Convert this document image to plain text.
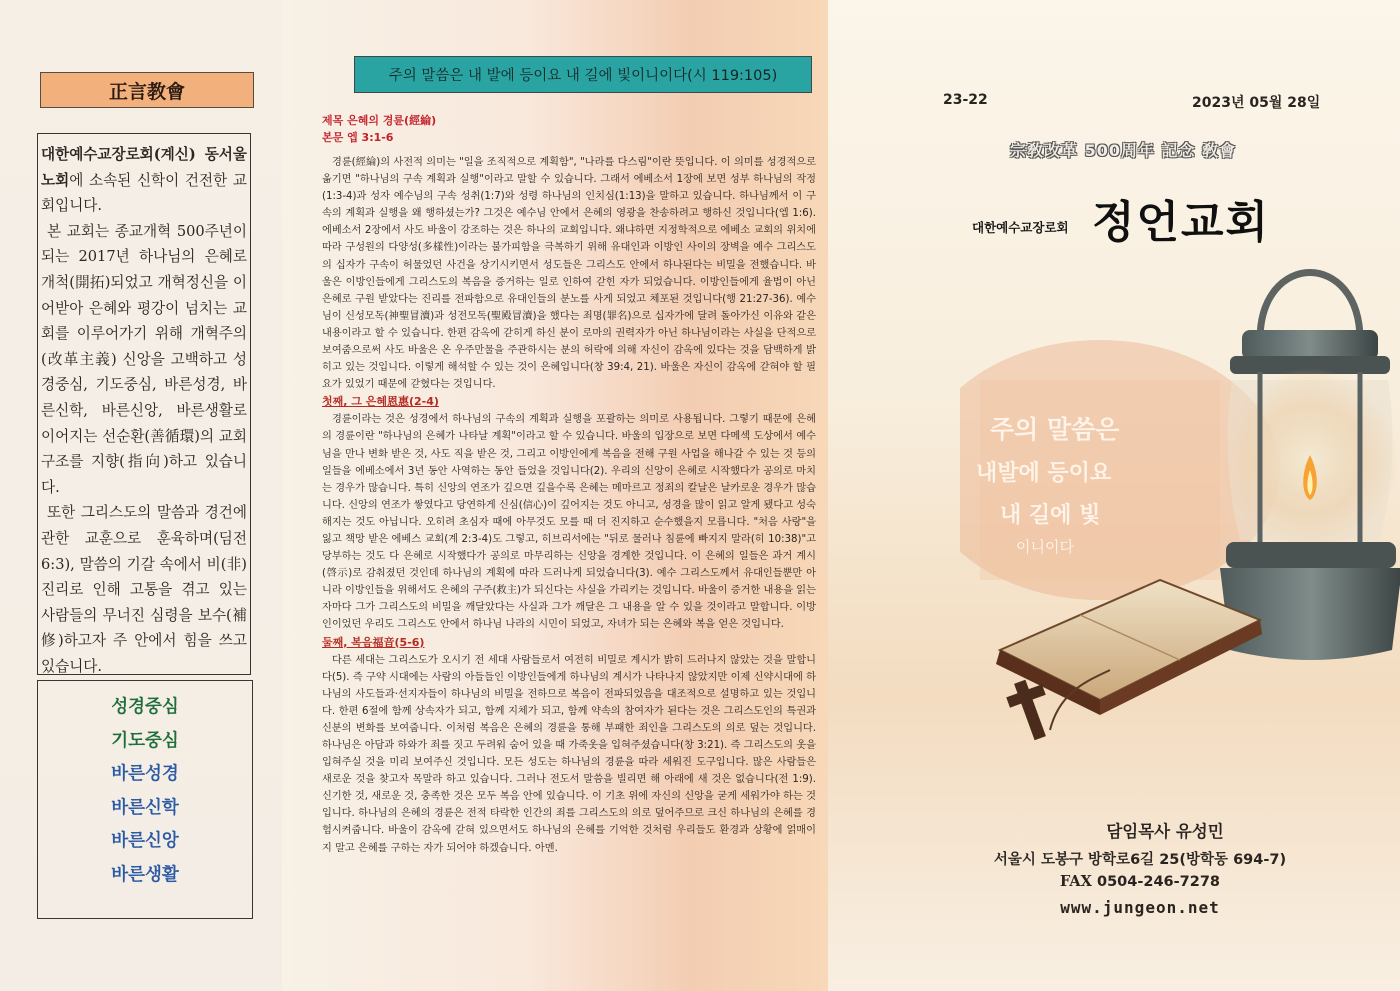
正言教會

대한예수교장로회(계신) 동서울 노회에 소속된 신학이 건전한 교회입니다.

본 교회는 종교개혁 500주년이 되는 2017년 하나님의 은혜로 개척(開拓)되었고 개혁정신을 이어받아 은혜와 평강이 넘치는 교회를 이루어가기 위해 개혁주의(改革主義) 신앙을 고백하고 성경중심, 기도중심, 바른성경, 바른신학, 바른신앙, 바른생활로 이어지는 선순환(善循環)의 교회 구조를 지향(指向)하고 있습니다.

또한 그리스도의 말씀과 경건에 관한 교훈으로 훈육하며(딤전 6:3), 말씀의 기갈 속에서 비(非) 진리로 인해 고통을 겪고 있는 사람들의 무너진 심령을 보수(補修)하고자 주 안에서 힘을 쓰고 있습니다.

성경중심
기도중심
바른성경
바른신학
바른신앙
바른생활
주의 말씀은 내 발에 등이요 내 길에 빛이니이다(시 119:105)

제목 은혜의 경륜(經綸)

본문 엡 3:1-6

경륜(經綸)의 사전적 의미는 "일을 조직적으로 계획함", "나라를 다스림"이란 뜻입니다. 이 의미를 성경적으로 옮기면 "하나님의 구속 계획과 실행"이라고 말할 수 있습니다. 그래서 에베소서 1장에 보면 성부 하나님의 작정(1:3-4)과 성자 예수님의 구속 성취(1:7)와 성령 하나님의 인치심(1:13)을 말하고 있습니다. 하나님께서 이 구속의 계획과 실행을 왜 행하셨는가? 그것은 예수님 안에서 은혜의 영광을 찬송하려고 행하신 것입니다(엡 1:6). 에베소서 2장에서 사도 바울이 강조하는 것은 하나의 교회입니다. 왜냐하면 지정학적으로 에베소 교회의 위치에 따라 구성원의 다양성(多樣性)이라는 불가피함을 극복하기 위해 유대인과 이방인 사이의 장벽을 예수 그리스도의 십자가 구속이 허물었던 사건을 상기시키면서 성도들은 그리스도 안에서 하나된다는 비밀을 전했습니다. 바울은 이방인들에게 그리스도의 복음을 증거하는 일로 인하여 갇힌 자가 되었습니다. 이방인들에게 율법이 아닌 은혜로 구원 받았다는 진리를 전파함으로 유대인들의 분노를 사게 되었고 체포된 것입니다(행 21:27-36). 예수님이 신성모독(神聖冒瀆)과 성전모독(聖殿冒瀆)을 했다는 죄명(罪名)으로 십자가에 달려 돌아가신 이유와 같은 내용이라고 할 수 있습니다. 한편 감옥에 갇히게 하신 분이 로마의 권력자가 아닌 하나님이라는 사실을 단적으로 보여줌으로써 사도 바울은 온 우주만물을 주관하시는 분의 허락에 의해 자신이 감옥에 있다는 것을 담백하게 밝히고 있는 것입니다. 이렇게 해석할 수 있는 것이 은혜입니다(창 39:4, 21). 바울은 자신이 감옥에 갇혀야 할 필요가 있었기 때문에 갇혔다는 것입니다.

첫째, 그 은혜恩惠(2-4)

경륜이라는 것은 성경에서 하나님의 구속의 계획과 실행을 포괄하는 의미로 사용됩니다. 그렇기 때문에 은혜의 경륜이란 "하나님의 은혜가 나타날 계획"이라고 할 수 있습니다. 바울의 입장으로 보면 다메섹 도상에서 예수님을 만나 변화 받은 것, 사도 직을 받은 것, 그리고 이방인에게 복음을 전해 구원 사업을 해나갈 수 있는 것 등의 일들을 에베소에서 3년 동안 사역하는 동안 들었을 것입니다(2). 우리의 신앙이 은혜로 시작했다가 공의로 마치는 경우가 많습니다. 특히 신앙의 연조가 깊으면 깊을수록 은혜는 메마르고 정죄의 칼날은 날카로운 경우가 많습니다. 신앙의 연조가 쌓였다고 당연하게 신심(信心)이 깊어지는 것도 아니고, 성경을 많이 읽고 알게 됐다고 성숙해지는 것도 아닙니다. 오히려 초심자 때에 아무것도 모를 때 더 진지하고 순수했을지 모릅니다. "처음 사랑"을 잃고 책망 받은 에베스 교회(계 2:3-4)도 그렇고, 히브리서에는 "뒤로 물러나 침륜에 빠지지 말라(히 10:38)"고 당부하는 것도 다 은혜로 시작했다가 공의로 마무리하는 신앙을 경계한 것입니다. 이 은혜의 일들은 과거 계시(啓示)로 감춰졌던 것인데 하나님의 계획에 따라 드러나게 되었습니다(3). 예수 그리스도께서 유대인들뿐만 아니라 이방인들을 위해서도 은혜의 구주(救主)가 되신다는 사실을 가리키는 것입니다. 바울이 증거한 내용을 읽는 자마다 그가 그리스도의 비밀을 깨달았다는 사실과 그가 깨달은 그 내용을 알 수 있을 것이라고 말합니다. 이방인이었던 우리도 그리스도 안에서 하나님 나라의 시민이 되었고, 자녀가 되는 은혜와 복을 얻은 것입니다.

둘째, 복음福音(5-6)

다른 세대는 그리스도가 오시기 전 세대 사람들로서 여전히 비밀로 계시가 밝히 드러나지 않았는 것을 말합니다(5). 즉 구약 시대에는 사람의 아들들인 이방인들에게 하나님의 계시가 나타나지 않았지만 이제 신약시대에 하나님의 사도들과·선지자들이 하나님의 비밀을 전하므로 복음이 전파되었음을 대조적으로 설명하고 있는 것입니다. 한편 6절에 함께 상속자가 되고, 함께 지체가 되고, 함께 약속의 참여자가 된다는 것은 그리스도인의 특권과 신분의 변화를 보여줍니다. 이처럼 복음은 은혜의 경륜을 통해 부패한 죄인을 그리스도의 의로 덮는 것입니다. 하나님은 아담과 하와가 죄를 짓고 두려워 숨어 있을 때 가죽옷을 입혀주셨습니다(창 3:21). 즉 그리스도의 옷을 입혀주실 것을 미리 보여주신 것입니다. 모든 성도는 하나님의 경륜을 따라 세워진 도구입니다. 많은 사람들은 새로운 것을 찾고자 목말라 하고 있습니다. 그러나 전도서 말씀을 빌리면 해 아래에 새 것은 없습니다(전 1:9). 신기한 것, 새로운 것, 충족한 것은 모두 복음 안에 있습니다. 이 기초 위에 자신의 신앙을 굳게 세워가야 하는 것입니다. 하나님의 은혜의 경륜은 전적 타락한 인간의 죄를 그리스도의 의로 덮어주므로 크신 하나님의 은혜를 경험시켜줍니다. 바울이 감옥에 갇혀 있으면서도 하나님의 은혜를 기억한 것처럼 우리들도 환경과 상황에 얽매이지 말고 은혜를 구하는 자가 되어야 하겠습니다. 아멘.

23-22	2023년 05월 28일
宗敎改革 500周年 記念 敎會
대한예수교장로회 정언교회
주의 말씀은
내발에 등이요
내 길에 빛
이니이다
담임목사 유성민
서울시 도봉구 방학로6길 25(방학동 694-7)
FAX 0504-246-7278
www.jungeon.net
